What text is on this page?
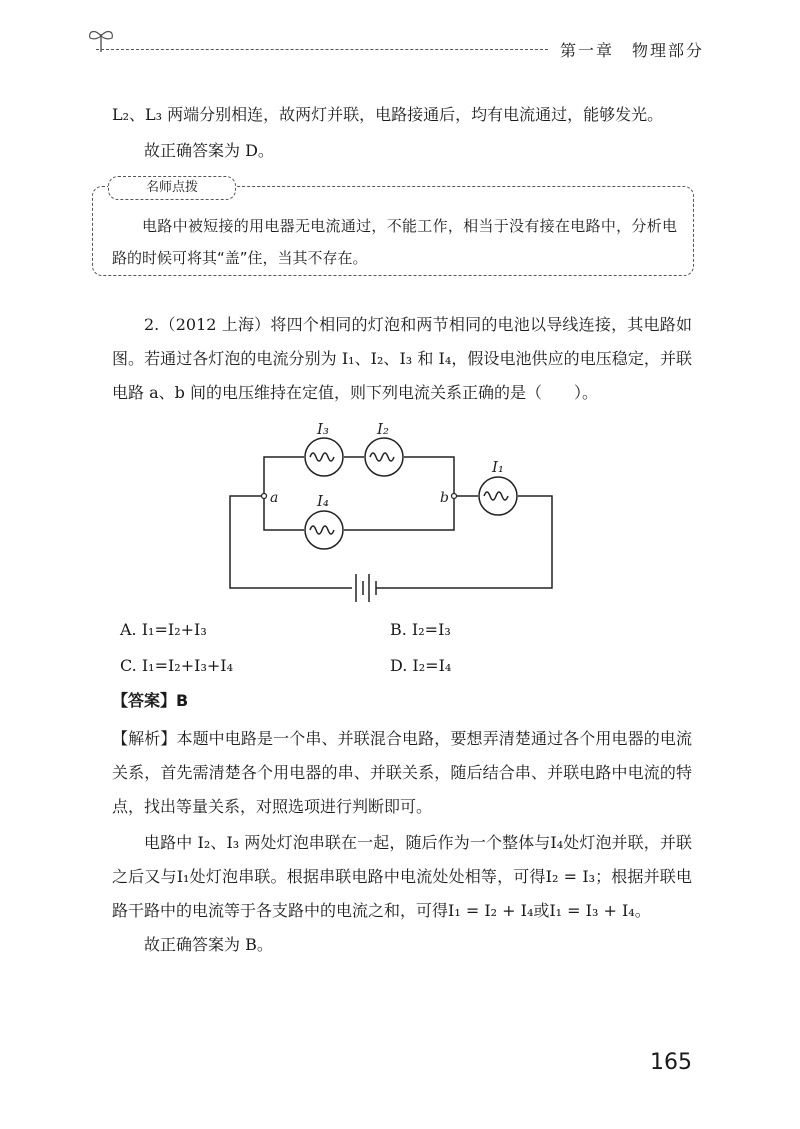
第一章　 物理部分
L₂、L₃ 两端分别相连，故两灯并联，电路接通后，均有电流通过，能够发光。
故正确答案为 D。
名师点拨
电路中被短接的用电器无电流通过，不能工作，相当于没有接在电路中，分析电路的时候可将其“盖”住，当其不存在。
2.（2012 上海）将四个相同的灯泡和两节相同的电池以导线连接，其电路如图。若通过各灯泡的电流分别为 I₁、I₂、I₃ 和 I₄，假设电池供应的电压稳定，并联电路 a、b 间的电压维持在定值，则下列电流关系正确的是（　　）。
I₃	I₂
I₄
I₁
a	b
A. I₁=I₂+I₃	B. I₂=I₃
C. I₁=I₂+I₃+I₄	D. I₂=I₄
【答案】B
【解析】本题中电路是一个串、并联混合电路，要想弄清楚通过各个用电器的电流关系，首先需清楚各个用电器的串、并联关系，随后结合串、并联电路中电流的特点，找出等量关系，对照选项进行判断即可。
电路中 I₂、I₃ 两处灯泡串联在一起，随后作为一个整体与I₄处灯泡并联，并联之后又与I₁处灯泡串联。根据串联电路中电流处处相等，可得I₂ = I₃；根据并联电路干路中的电流等于各支路中的电流之和，可得I₁ = I₂ + I₄或I₁ = I₃ + I₄。
故正确答案为 B。
165
